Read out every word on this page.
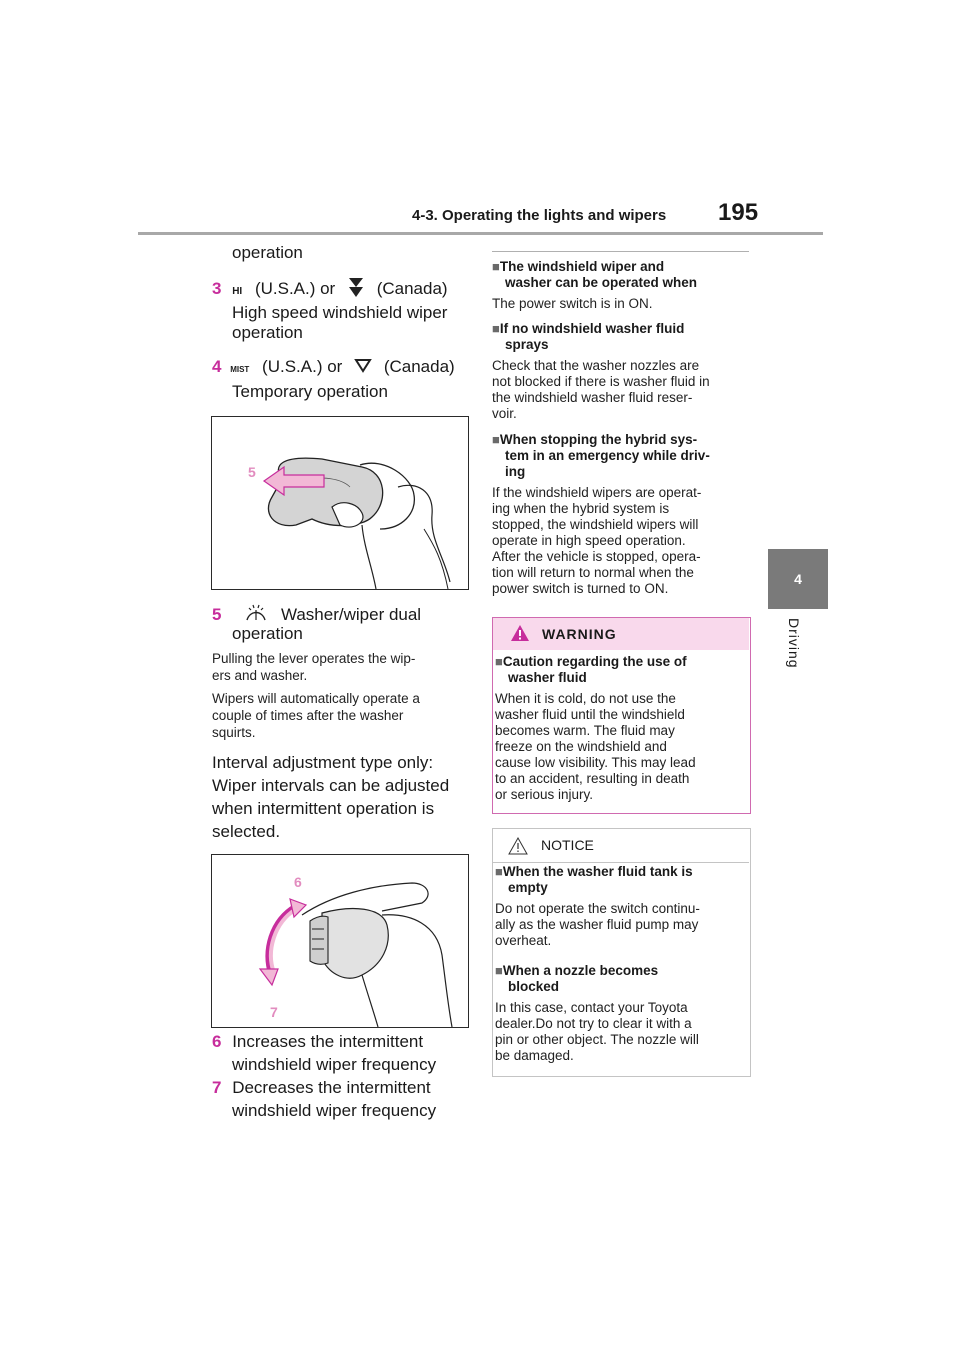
4-3. Operating the lights and wipers 195
4
Driving
operation
3 HI (U.S.A.) or (Canada)
High speed windshield wiper
operation
4 MIST (U.S.A.) or (Canada)
Temporary operation
5
5	Washer/wiper dual
operation
Pulling the lever operates the wip-
ers and washer.
Wipers will automatically operate a
couple of times after the washer
squirts.
Interval adjustment type only:
Wiper intervals can be adjusted
when intermittent operation is
selected.
6
7
6 Increases the intermittent
windshield wiper frequency
7 Decreases the intermittent
windshield wiper frequency
■The windshield wiper and
washer can be operated when
The power switch is in ON.
■If no windshield washer fluid
sprays
Check that the washer nozzles are
not blocked if there is washer fluid in
the windshield washer fluid reser-
voir.
■When stopping the hybrid sys-
tem in an emergency while driv-
ing
If the windshield wipers are operat-
ing when the hybrid system is
stopped, the windshield wipers will
operate in high speed operation.
After the vehicle is stopped, opera-
tion will return to normal when the
power switch is turned to ON.
WARNING
■Caution regarding the use of
washer fluid
When it is cold, do not use the
washer fluid until the windshield
becomes warm. The fluid may
freeze on the windshield and
cause low visibility. This may lead
to an accident, resulting in death
or serious injury.
NOTICE
■When the washer fluid tank is
empty
Do not operate the switch continu-
ally as the washer fluid pump may
overheat.
■When a nozzle becomes
blocked
In this case, contact your Toyota
dealer.Do not try to clear it with a
pin or other object. The nozzle will
be damaged.
